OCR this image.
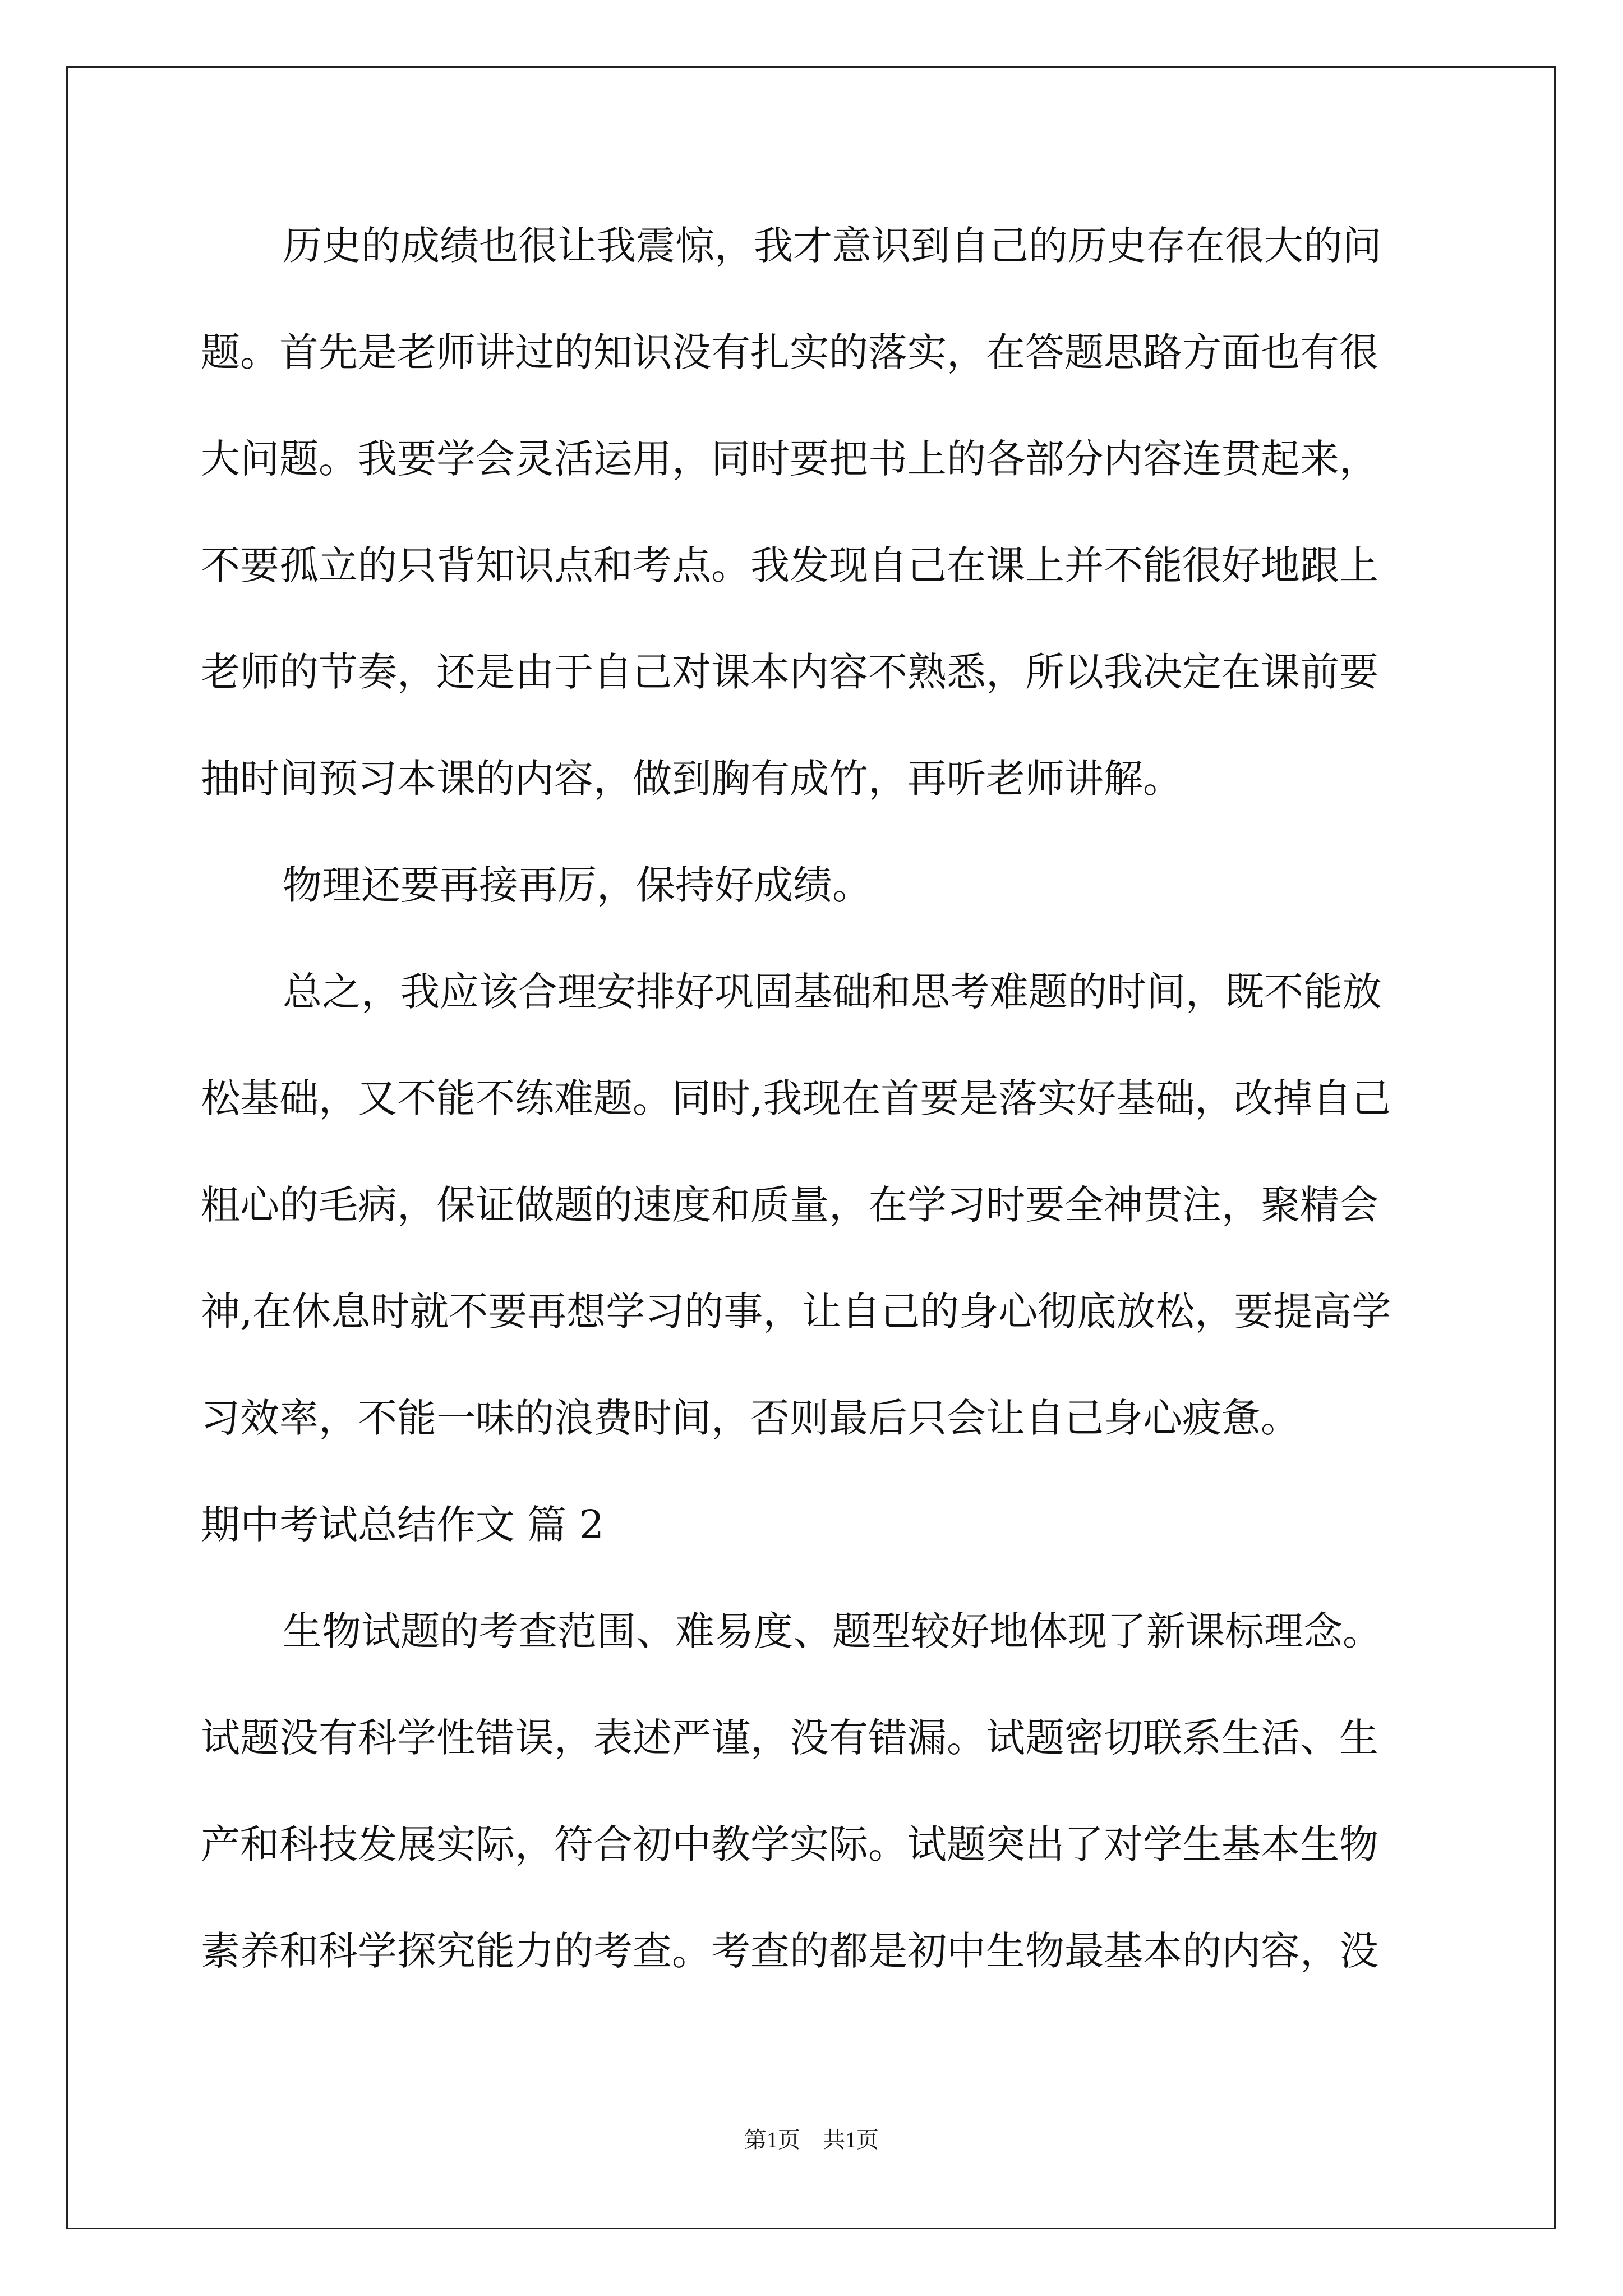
历史的成绩也很让我震惊，我才意识到自己的历史存在很大的问
题。首先是老师讲过的知识没有扎实的落实，在答题思路方面也有很
大问题。我要学会灵活运用，同时要把书上的各部分内容连贯起来，
不要孤立的只背知识点和考点。我发现自己在课上并不能很好地跟上
老师的节奏，还是由于自己对课本内容不熟悉，所以我决定在课前要
抽时间预习本课的内容，做到胸有成竹，再听老师讲解。
物理还要再接再厉，保持好成绩。
总之，我应该合理安排好巩固基础和思考难题的时间，既不能放
松基础，又不能不练难题。同时,我现在首要是落实好基础，改掉自己
粗心的毛病，保证做题的速度和质量，在学习时要全神贯注，聚精会
神,在休息时就不要再想学习的事，让自己的身心彻底放松，要提高学
习效率，不能一味的浪费时间，否则最后只会让自己身心疲惫。
期中考试总结作文 篇 2
生物试题的考查范围、难易度、题型较好地体现了新课标理念。
试题没有科学性错误，表述严谨，没有错漏。试题密切联系生活、生
产和科技发展实际，符合初中教学实际。试题突出了对学生基本生物
素养和科学探究能力的考查。考查的都是初中生物最基本的内容，没
第1页    共1页
